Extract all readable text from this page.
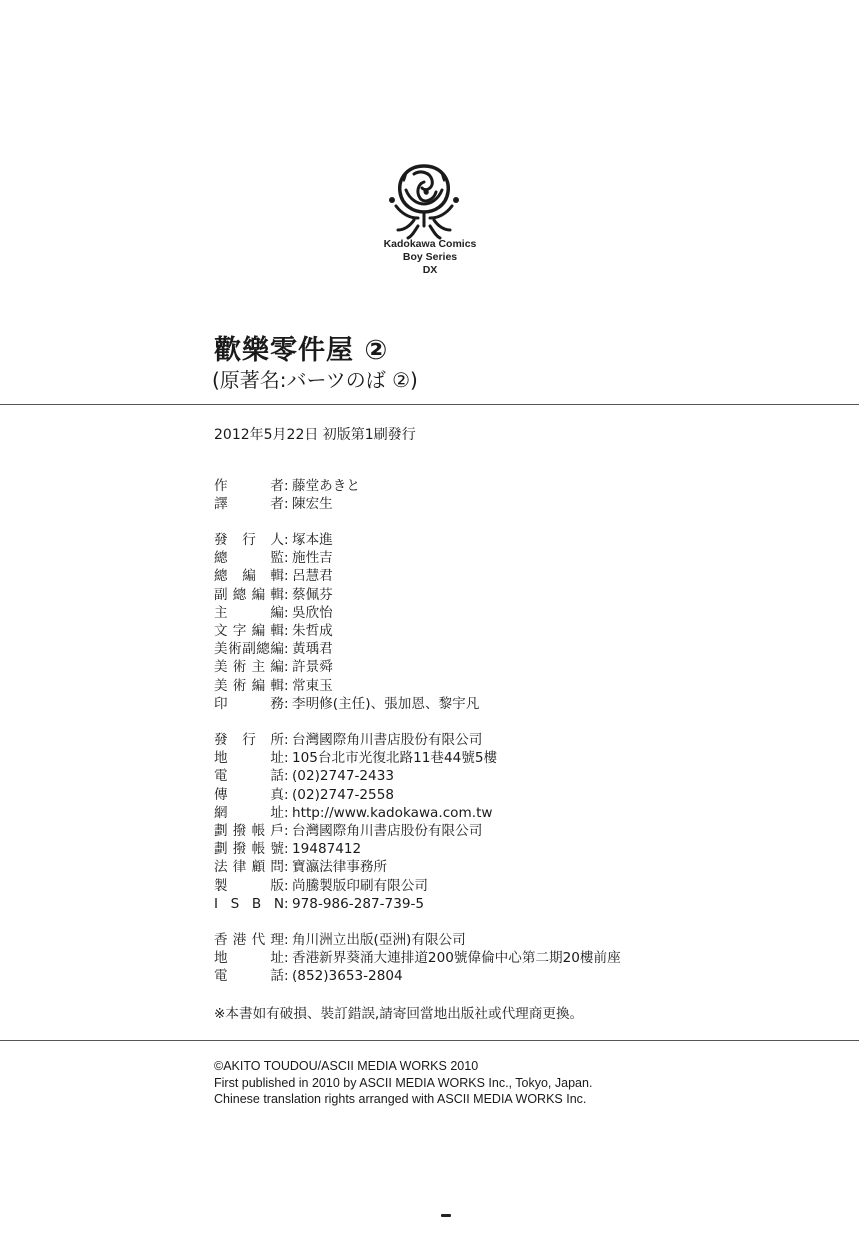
Kadokawa Comics
Boy Series
DX
歡樂零件屋 ②
(原著名:バーツのば ②)
2012年5月22日 初版第1刷發行
作	者 : 藤堂あきと
譯	者 : 陳宏生
發 行 人 : 塚本進
總	監 : 施性吉
總 編 輯 : 呂慧君
副 總 編 輯 : 蔡佩芬
主	編 : 吳欣怡
文 字 編 輯 : 朱哲成
美 術 副 總 編 : 黃瑀君
美 術 主 編 : 許景舜
美 術 編 輯 : 常東玉
印	務 : 李明修(主任)、張加恩、黎宇凡
發 行 所 : 台灣國際角川書店股份有限公司
地	址 : 105台北市光復北路11巷44號5樓
電	話 : (02)2747-2433
傳	真 : (02)2747-2558
網	址 : http://www.kadokawa.com.tw
劃 撥 帳 戶 : 台灣國際角川書店股份有限公司
劃 撥 帳 號 : 19487412
法 律 顧 問 : 寶瀛法律事務所
製	版 : 尚騰製版印刷有限公司
I S B N : 978-986-287-739-5
香 港 代 理 : 角川洲立出版(亞洲)有限公司
地	址 : 香港新界葵涌大連排道200號偉倫中心第二期20樓前座
電	話 : (852)3653-2804
※本書如有破損、裝訂錯誤,請寄回當地出版社或代理商更換。
©AKITO TOUDOU/ASCII MEDIA WORKS 2010
First published in 2010 by ASCII MEDIA WORKS Inc., Tokyo, Japan.
Chinese translation rights arranged with ASCII MEDIA WORKS Inc.
